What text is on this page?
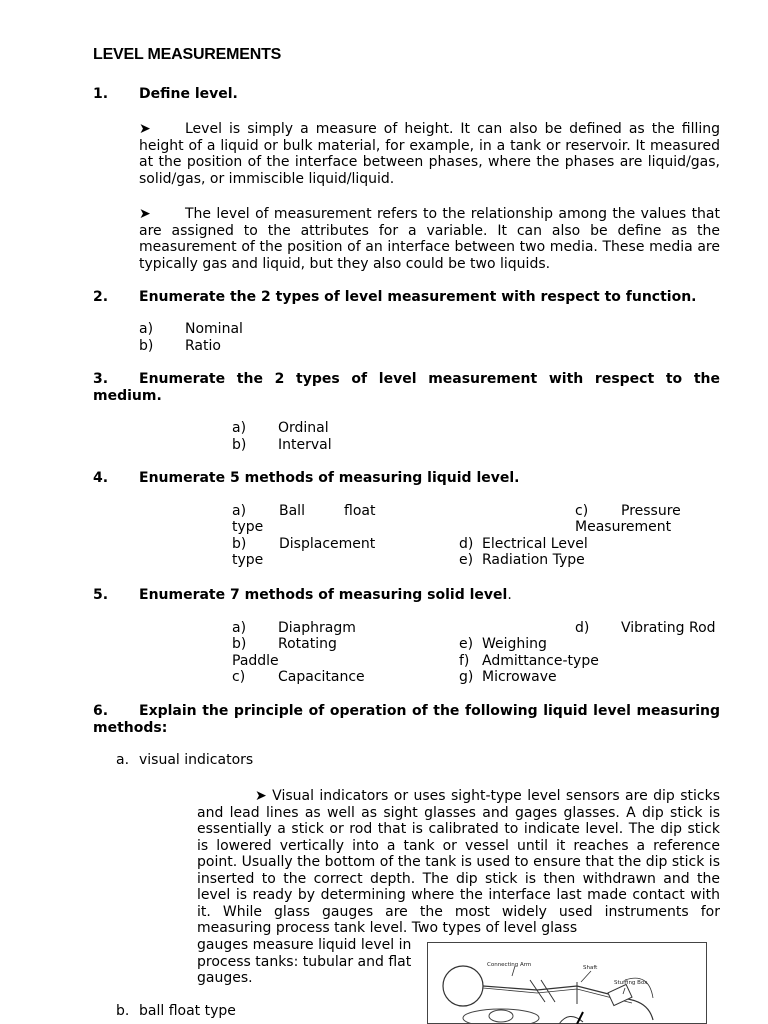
LEVEL MEASUREMENTS
1. Define level.
➤ Level is simply a measure of height. It can also be defined as the filling height of a liquid or bulk material, for example, in a tank or reservoir. It measured at the position of the interface between phases, where the phases are liquid/gas, solid/gas, or immiscible liquid/liquid.
➤ The level of measurement refers to the relationship among the values that are assigned to the attributes for a variable. It can also be define as the measurement of the position of an interface between two media. These media are typically gas and liquid, but they also could be two liquids.
2. Enumerate the 2 types of level measurement with respect to function.
a) Nominal
b) Ratio
3. Enumerate the 2 types of level measurement with respect to the medium.
a) Ordinal
b) Interval
4. Enumerate 5 methods of measuring liquid level.
a) Ball	float
type
b) Displacement
type
c) Pressure
Measurement
d) Electrical Level
e) Radiation Type
5. Enumerate 7 methods of measuring solid level.
a) Diaphragm
b) Rotating
Paddle
c) Capacitance
d) Vibrating Rod
e) Weighing
f) Admittance-type
g) Microwave
6. Explain the principle of operation of the following liquid level measuring methods:
a. visual indicators
➤ Visual indicators or uses sight-type level sensors are dip sticks and lead lines as well as sight glasses and gages glasses. A dip stick is essentially a stick or rod that is calibrated to indicate level. The dip stick is lowered vertically into a tank or vessel until it reaches a reference point. Usually the bottom of the tank is used to ensure that the dip stick is inserted to the correct depth. The dip stick is then withdrawn and the level is ready by determining where the interface last made contact with it. While glass gauges are the most widely used instruments for measuring process tank level. Two types of level glass
gauges measure liquid level in process tanks: tubular and flat gauges.
b. ball float type
Connecting Arm	Shaft
Stuffing Box
